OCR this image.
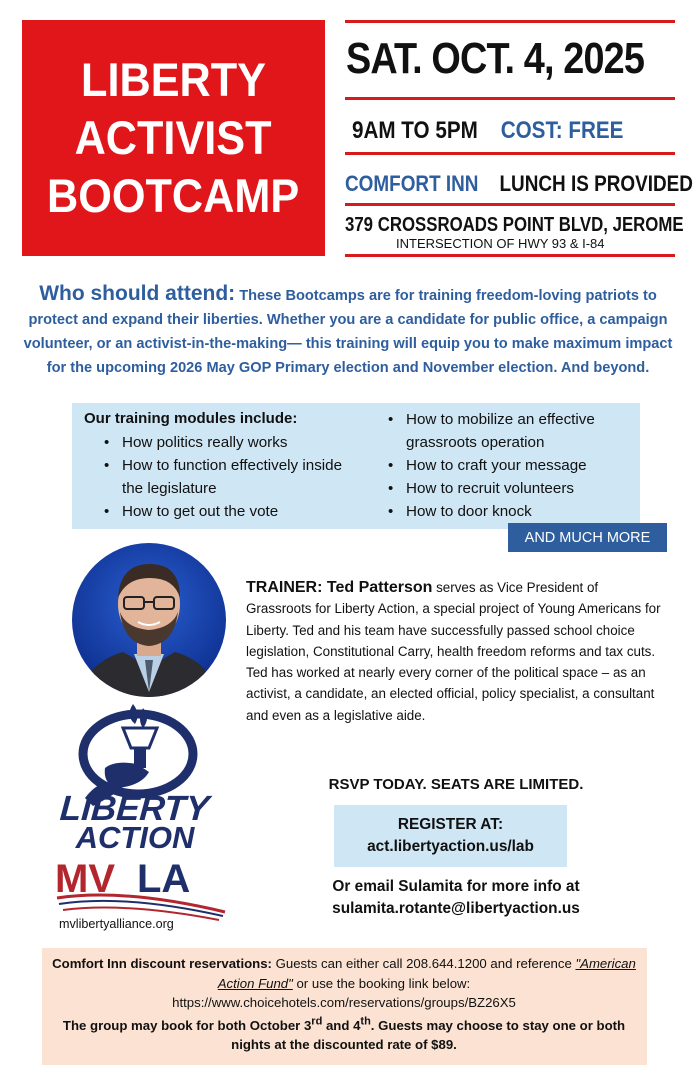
LIBERTY
ACTIVIST
BOOTCAMP
SAT. OCT. 4, 2025
9AM TO 5PM COST: FREE
COMFORT INN LUNCH IS PROVIDED
379 CROSSROADS POINT BLVD, JEROME
INTERSECTION OF HWY 93 & I-84
Who should attend: These Bootcamps are for training freedom-loving patriots to protect and expand their liberties. Whether you are a candidate for public office, a campaign volunteer, or an activist-in-the-making— this training will equip you to make maximum impact for the upcoming 2026 May GOP Primary election and November election. And beyond.
Our training modules include:
• How politics really works
• How to function effectively inside the legislature
• How to get out the vote
• How to mobilize an effective grassroots operation
• How to craft your message
• How to recruit volunteers
• How to door knock
AND MUCH MORE
TRAINER: Ted Patterson serves as Vice President of Grassroots for Liberty Action, a special project of Young Americans for Liberty. Ted and his team have successfully passed school choice legislation, Constitutional Carry, health freedom reforms and tax cuts. Ted has worked at nearly every corner of the political space – as an activist, a candidate, an elected official, policy specialist, a consultant and even as a legislative aide.
LIBERTY
ACTION
MV LA
mvlibertyalliance.org
RSVP TODAY. SEATS ARE LIMITED.
REGISTER AT:
act.libertyaction.us/lab
Or email Sulamita for more info at
sulamita.rotante@libertyaction.us
Comfort Inn discount reservations: Guests can either call 208.644.1200 and reference "American Action Fund" or use the booking link below:
https://www.choicehotels.com/reservations/groups/BZ26X5
The group may book for both October 3rd and 4th. Guests may choose to stay one or both nights at the discounted rate of $89.
